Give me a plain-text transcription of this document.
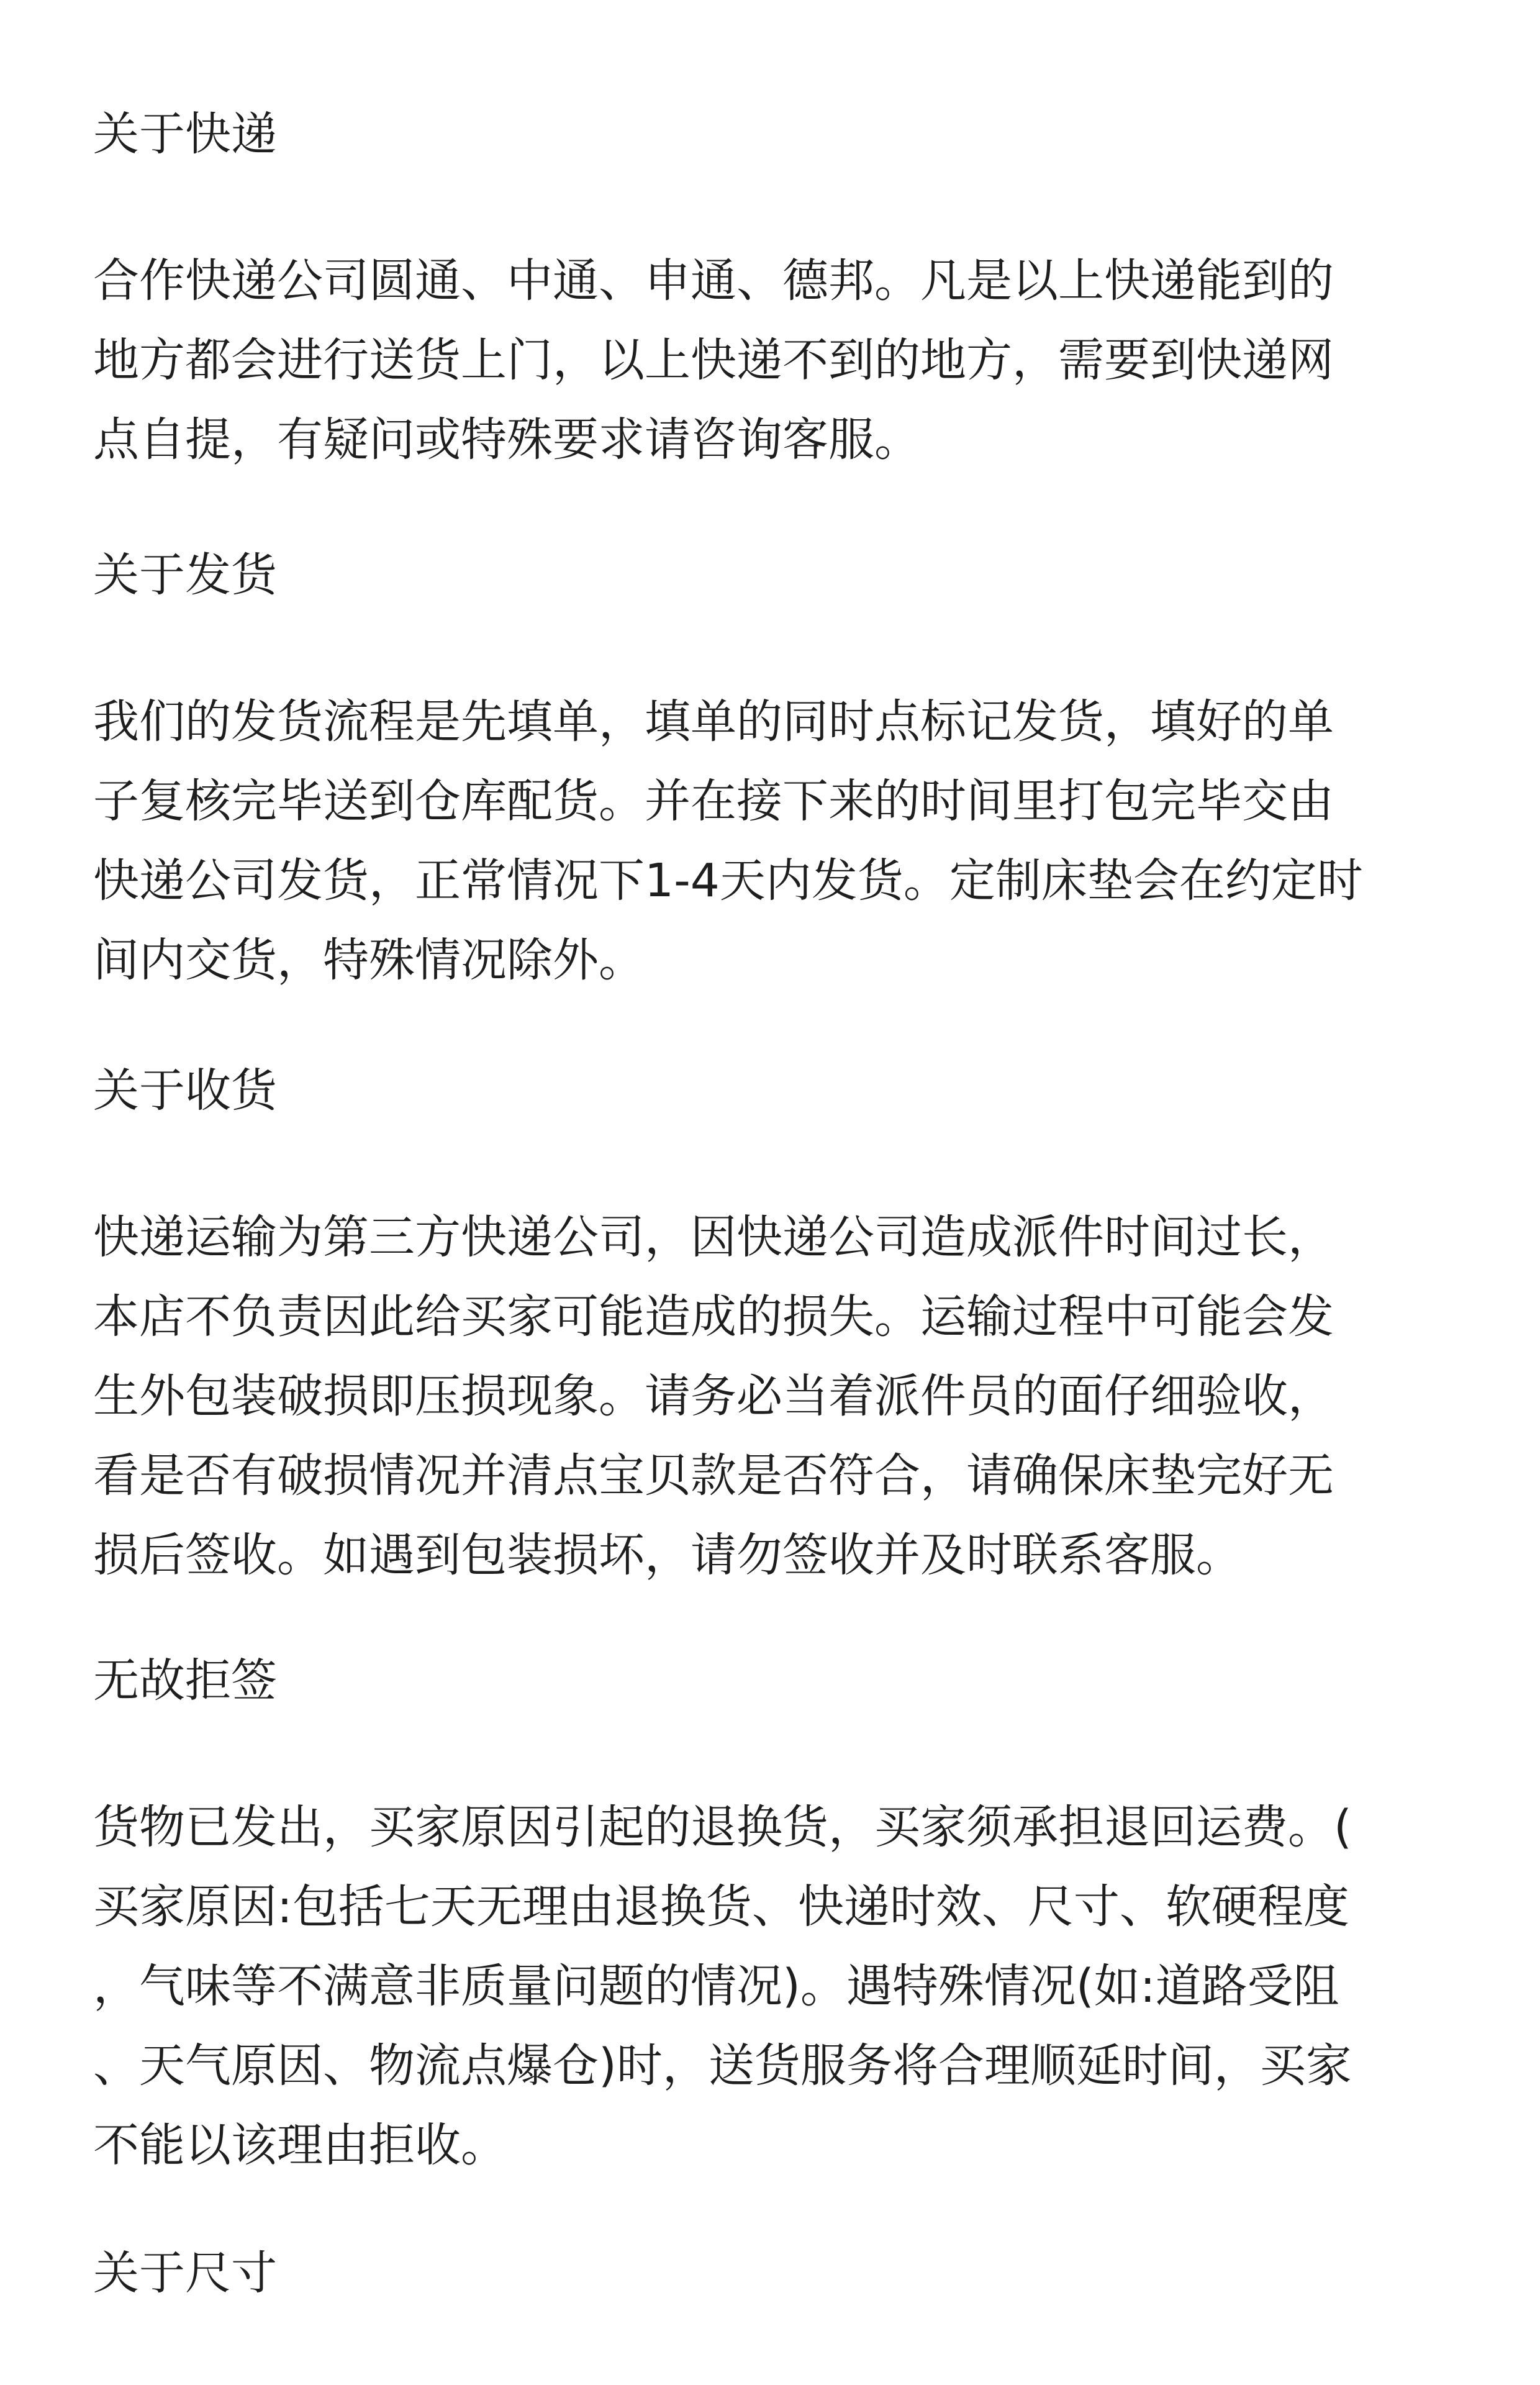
关于快递
合作快递公司圆通、中通、申通、德邦。凡是以上快递能到的
地方都会进行送货上门，以上快递不到的地方，需要到快递网
点自提，有疑问或特殊要求请咨询客服。
关于发货
我们的发货流程是先填单，填单的同时点标记发货，填好的单
子复核完毕送到仓库配货。并在接下来的时间里打包完毕交由
快递公司发货，正常情况下1-4天内发货。定制床垫会在约定时
间内交货，特殊情况除外。
关于收货
快递运输为第三方快递公司，因快递公司造成派件时间过长，
本店不负责因此给买家可能造成的损失。运输过程中可能会发
生外包装破损即压损现象。请务必当着派件员的面仔细验收，
看是否有破损情况并清点宝贝款是否符合，请确保床垫完好无
损后签收。如遇到包装损坏，请勿签收并及时联系客服。
无故拒签
货物已发出，买家原因引起的退换货，买家须承担退回运费。(
买家原因:包括七天无理由退换货、快递时效、尺寸、软硬程度
，气味等不满意非质量问题的情况)。遇特殊情况(如:道路受阻
、天气原因、物流点爆仓)时，送货服务将合理顺延时间，买家
不能以该理由拒收。
关于尺寸
